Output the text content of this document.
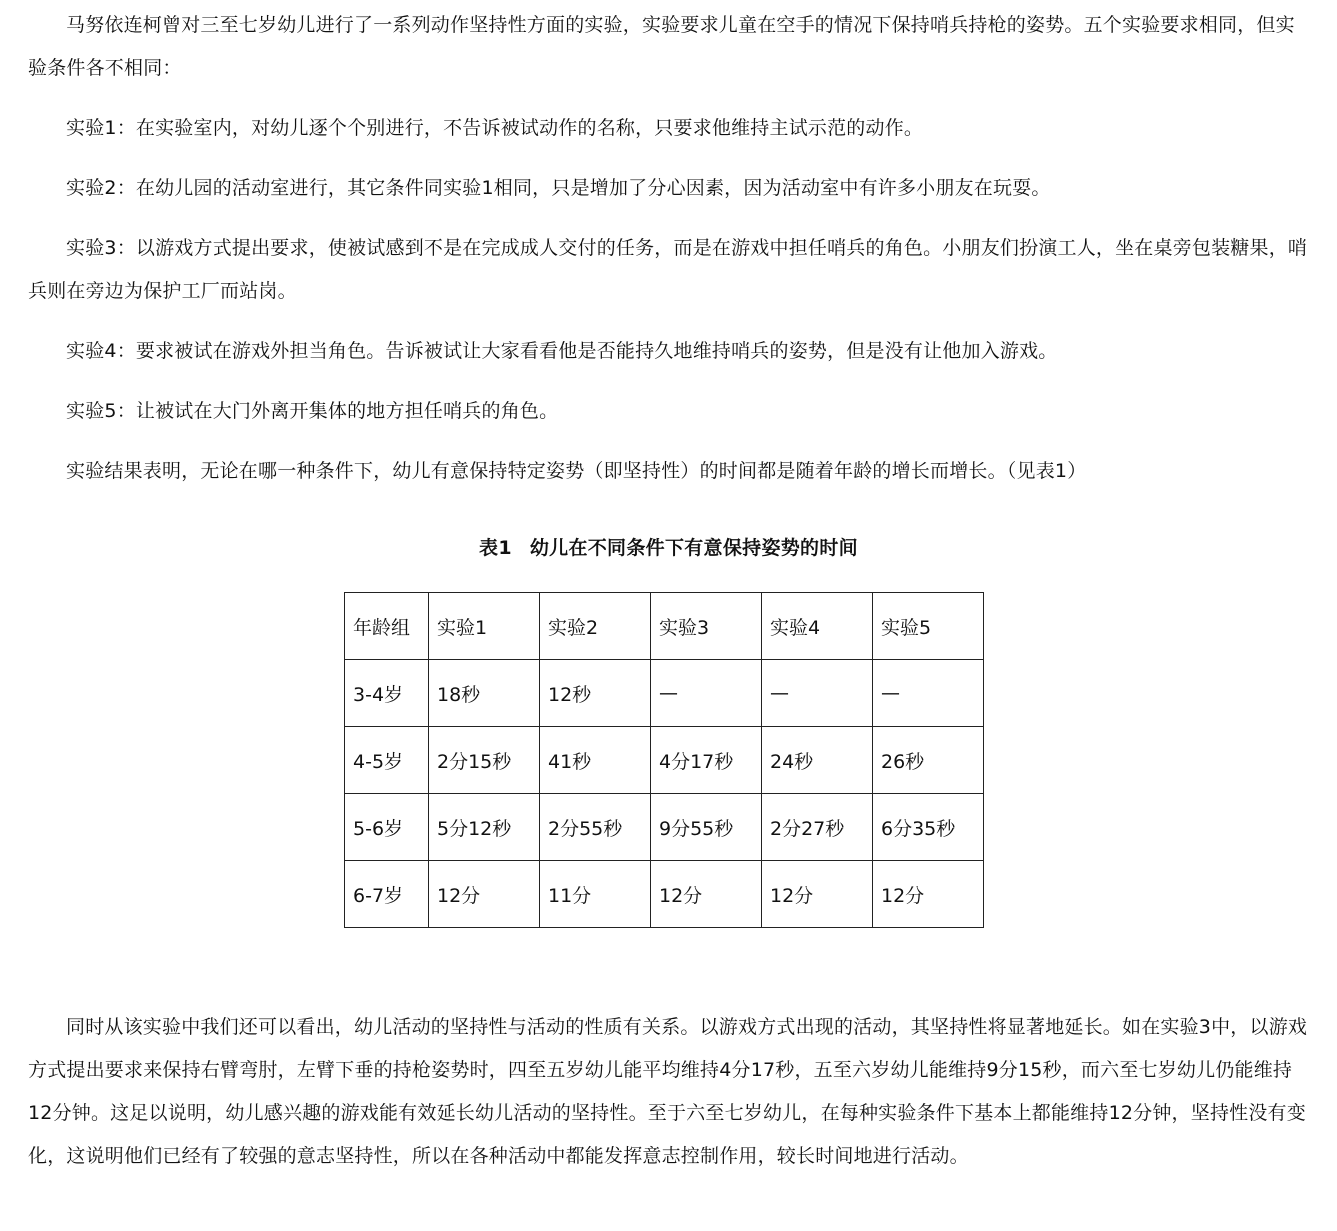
马努依连柯曾对三至七岁幼儿进行了一系列动作坚持性方面的实验，实验要求儿童在空手的情况下保持哨兵持枪的姿势。五个实验要求相同，但实验条件各不相同：

实验1：在实验室内，对幼儿逐个个别进行，不告诉被试动作的名称，只要求他维持主试示范的动作。

实验2：在幼儿园的活动室进行，其它条件同实验1相同，只是增加了分心因素，因为活动室中有许多小朋友在玩耍。

实验3：以游戏方式提出要求，使被试感到不是在完成成人交付的任务，而是在游戏中担任哨兵的角色。小朋友们扮演工人，坐在桌旁包装糖果，哨兵则在旁边为保护工厂而站岗。

实验4：要求被试在游戏外担当角色。告诉被试让大家看看他是否能持久地维持哨兵的姿势，但是没有让他加入游戏。

实验5：让被试在大门外离开集体的地方担任哨兵的角色。

实验结果表明，无论在哪一种条件下，幼儿有意保持特定姿势（即坚持性）的时间都是随着年龄的增长而增长。（见表1）

表1 幼儿在不同条件下有意保持姿势的时间
年龄组	实验1	实验2	实验3	实验4	实验5
3-4岁	18秒	12秒	—	—	—
4-5岁	2分15秒	41秒	4分17秒	24秒	26秒
5-6岁	5分12秒	2分55秒	9分55秒	2分27秒	6分35秒
6-7岁	12分	11分	12分	12分	12分

同时从该实验中我们还可以看出，幼儿活动的坚持性与活动的性质有关系。以游戏方式出现的活动，其坚持性将显著地延长。如在实验3中，以游戏方式提出要求来保持右臂弯肘，左臂下垂的持枪姿势时，四至五岁幼儿能平均维持4分17秒，五至六岁幼儿能维持9分15秒，而六至七岁幼儿仍能维持12分钟。这足以说明，幼儿感兴趣的游戏能有效延长幼儿活动的坚持性。至于六至七岁幼儿，在每种实验条件下基本上都能维持12分钟，坚持性没有变化，这说明他们已经有了较强的意志坚持性，所以在各种活动中都能发挥意志控制作用，较长时间地进行活动。
